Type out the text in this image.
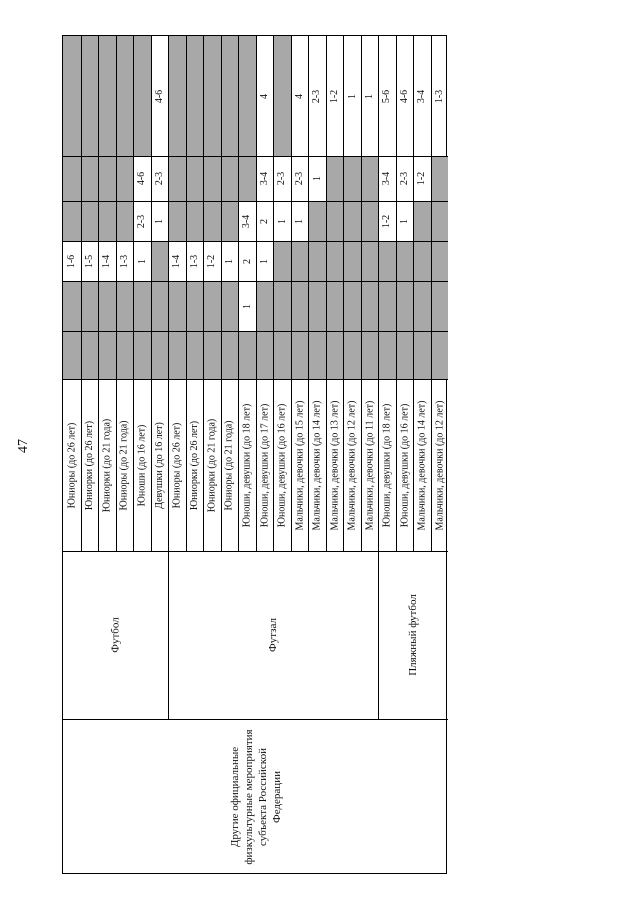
47
1-6
Юниоры (до 26 лет)
1-5
Юниорки (до 26 лет)
1-4
Юниорки (до 21 года)
1-3
Юниоры (до 21 года)
4-6
2-3
1
Юноши (до 16 лет)
4-6
2-3
1
Девушки (до 16 лет)
1-4
Юниоры (до 26 лет)
1-3
Юниорки (до 26 лет)
1-2
Юниорки (до 21 года)
1
Юниоры (до 21 года)
3-4
2
1
Юноши, девушки (до 18 лет)
4
3-4
2
1
Юноши, девушки (до 17 лет)
2-3
1
Юноши, девушки (до 16 лет)
4
2-3
1
Мальчики, девочки (до 15 лет)
2-3
1
Мальчики, девочки (до 14 лет)
1-2
Мальчики, девочки (до 13 лет)
1
Мальчики, девочки (до 12 лет)
1
Мальчики, девочки (до 11 лет)
5-6
3-4
1-2
Юноши, девушки (до 18 лет)
4-6
2-3
1
Юноши, девушки (до 16 лет)
3-4
1-2
Мальчики, девочки (до 14 лет)
1-3
Мальчики, девочки (до 12 лет)
Футбол	Футзал	Пляжный футбол
Другие официальные физкультурные мероприятия субъекта Российской Федерации
